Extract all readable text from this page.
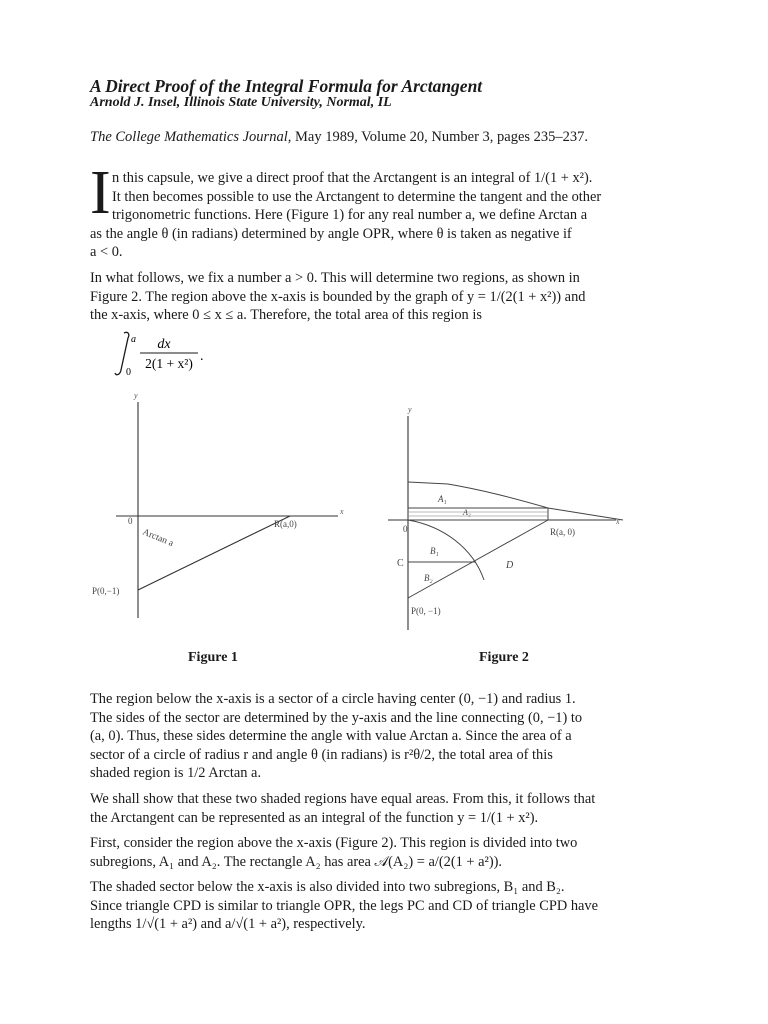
A Direct Proof of the Integral Formula for Arctangent
Arnold J. Insel, Illinois State University, Normal, IL
The College Mathematics Journal, May 1989, Volume 20, Number 3, pages 235–237.
I n this capsule, we give a direct proof that the Arctangent is an integral of 1/(1 + x²).
It then becomes possible to use the Arctangent to determine the tangent and the other
trigonometric functions. Here (Figure 1) for any real number a, we define Arctan a
as the angle θ (in radians) determined by angle OPR, where θ is taken as negative if
a < 0.
In what follows, we fix a number a > 0. This will determine two regions, as shown in
Figure 2. The region above the x-axis is bounded by the graph of y = 1/(2(1 + x²)) and
the x-axis, where 0 ≤ x ≤ a. Therefore, the total area of this region is
a
0
dx
2(1 + x²) .
y
x
0	R(a,0)
P(0,−1)
Arctan a
Figure 1
y
x
0	R(a, 0)
P(0, −1)
C	D
A₁
A₂
B₁
B₂
Figure 2
The region below the x-axis is a sector of a circle having center (0, −1) and radius 1.
The sides of the sector are determined by the y-axis and the line connecting (0, −1) to
(a, 0). Thus, these sides determine the angle with value Arctan a. Since the area of a
sector of a circle of radius r and angle θ (in radians) is r²θ/2, the total area of this
shaded region is 1/2 Arctan a.
We shall show that these two shaded regions have equal areas. From this, it follows that
the Arctangent can be represented as an integral of the function y = 1/(1 + x²).
First, consider the region above the x-axis (Figure 2). This region is divided into two
subregions, A₁ and A₂. The rectangle A₂ has area 𝒜(A₂) = a/(2(1 + a²)).
The shaded sector below the x-axis is also divided into two subregions, B₁ and B₂.
Since triangle CPD is similar to triangle OPR, the legs PC and CD of triangle CPD have
lengths 1/√(1 + a²) and a/√(1 + a²), respectively.
